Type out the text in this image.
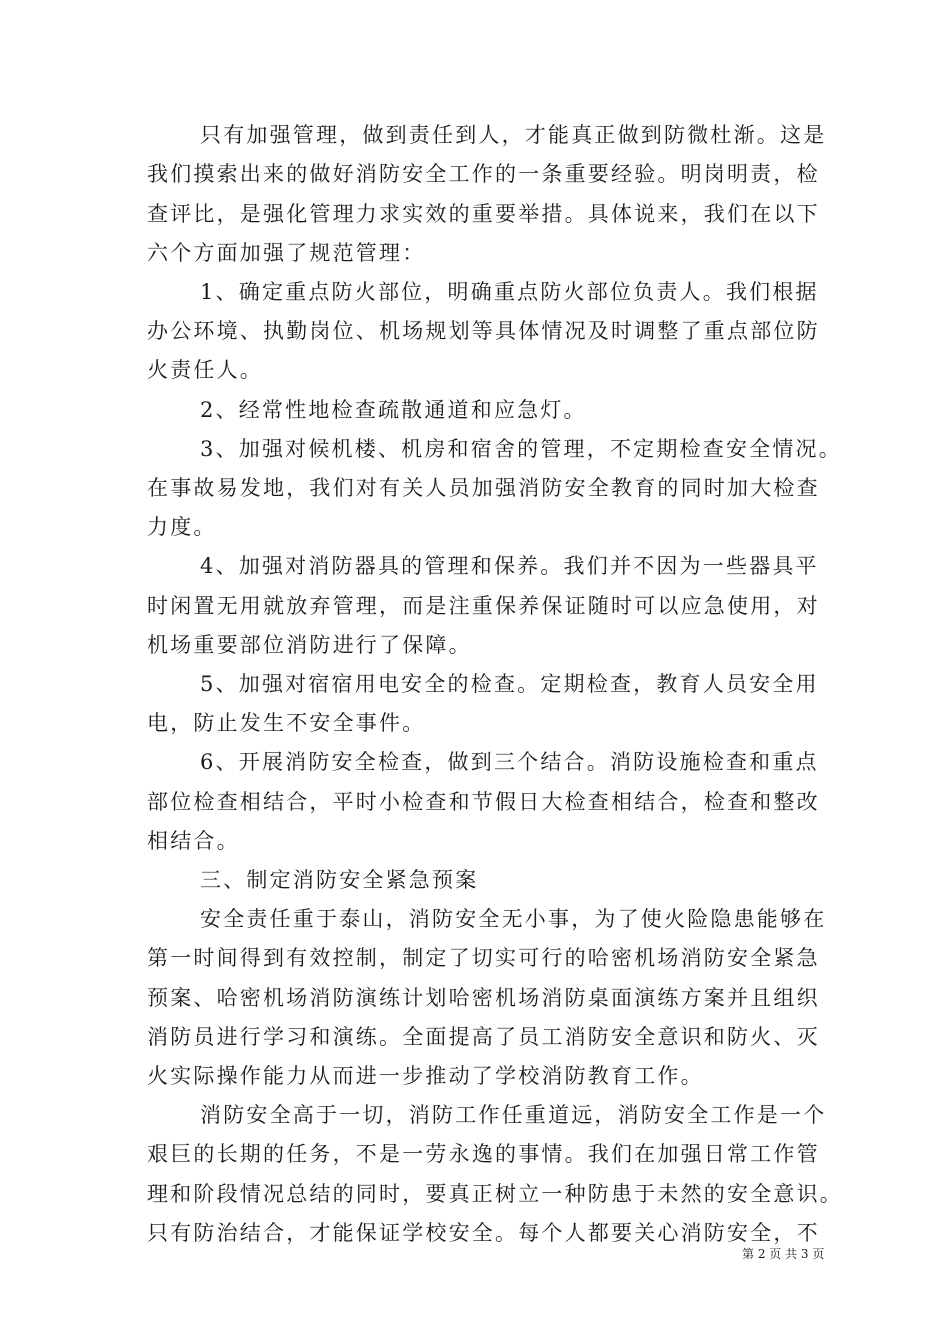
只有加强管理，做到责任到人，才能真正做到防微杜渐。这是
我们摸索出来的做好消防安全工作的一条重要经验。明岗明责，检
查评比，是强化管理力求实效的重要举措。具体说来，我们在以下
六个方面加强了规范管理：
1、确定重点防火部位，明确重点防火部位负责人。我们根据
办公环境、执勤岗位、机场规划等具体情况及时调整了重点部位防
火责任人。
2、经常性地检查疏散通道和应急灯。
3、加强对候机楼、机房和宿舍的管理，不定期检查安全情况。
在事故易发地，我们对有关人员加强消防安全教育的同时加大检查
力度。
4、加强对消防器具的管理和保养。我们并不因为一些器具平
时闲置无用就放弃管理，而是注重保养保证随时可以应急使用，对
机场重要部位消防进行了保障。
5、加强对宿宿用电安全的检查。定期检查，教育人员安全用
电，防止发生不安全事件。
6、开展消防安全检查，做到三个结合。消防设施检查和重点
部位检查相结合，平时小检查和节假日大检查相结合，检查和整改
相结合。
三、制定消防安全紧急预案
安全责任重于泰山，消防安全无小事，为了使火险隐患能够在
第一时间得到有效控制，制定了切实可行的哈密机场消防安全紧急
预案、哈密机场消防演练计划哈密机场消防桌面演练方案并且组织
消防员进行学习和演练。全面提高了员工消防安全意识和防火、灭
火实际操作能力从而进一步推动了学校消防教育工作。
消防安全高于一切，消防工作任重道远，消防安全工作是一个
艰巨的长期的任务，不是一劳永逸的事情。我们在加强日常工作管
理和阶段情况总结的同时，要真正树立一种防患于未然的安全意识。
只有防治结合，才能保证学校安全。每个人都要关心消防安全，不
第 2 页 共 3 页
